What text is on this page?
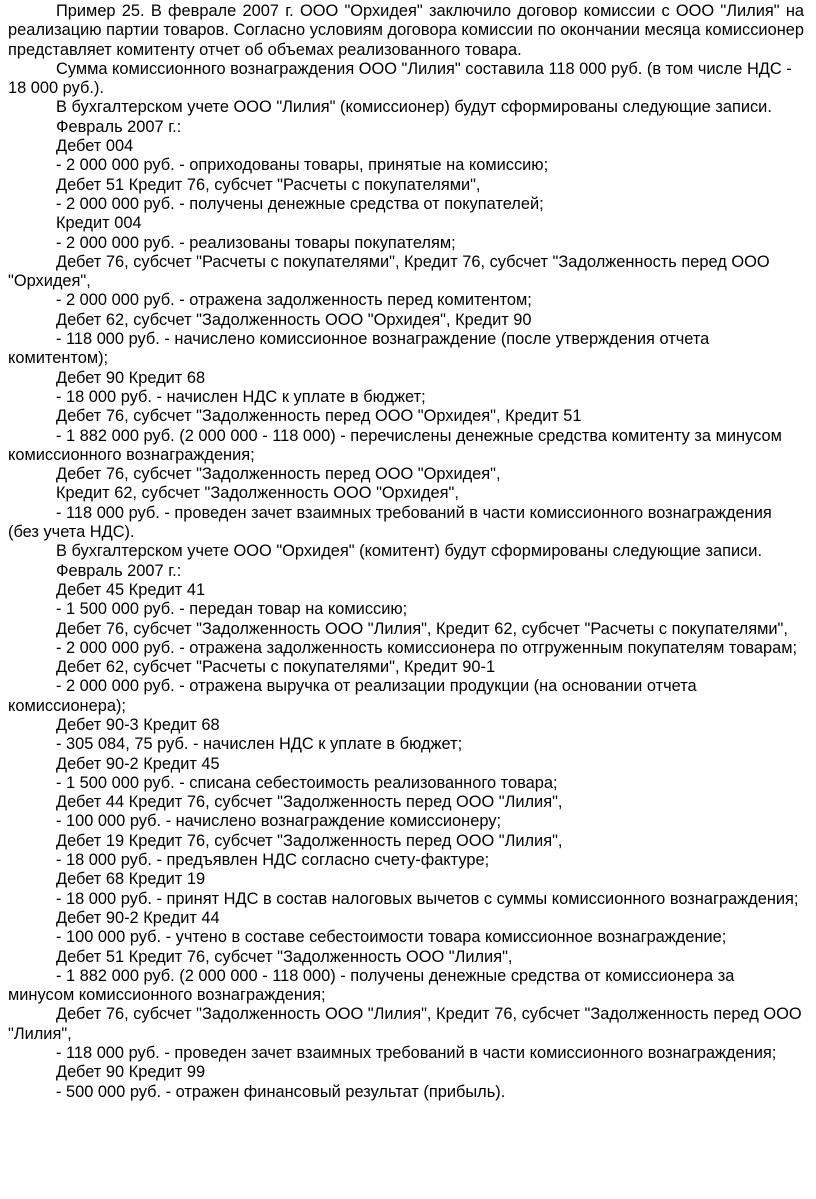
Пример 25. В феврале 2007 г. ООО "Орхидея" заключило договор комиссии с ООО "Лилия" на реализацию партии товаров. Согласно условиям договора комиссии по окончании месяца комиссионер представляет комитенту отчет об объемах реализованного товара.

Сумма комиссионного вознаграждения ООО "Лилия" составила 118 000 руб. (в том числе НДС - 18 000 руб.).

В бухгалтерском учете ООО "Лилия" (комиссионер) будут сформированы следующие записи.

Февраль 2007 г.:

Дебет 004

- 2 000 000 руб. - оприходованы товары, принятые на комиссию;

Дебет 51 Кредит 76, субсчет "Расчеты с покупателями",

- 2 000 000 руб. - получены денежные средства от покупателей;

Кредит 004

- 2 000 000 руб. - реализованы товары покупателям;

Дебет 76, субсчет "Расчеты с покупателями", Кредит 76, субсчет "Задолженность перед ООО "Орхидея",

- 2 000 000 руб. - отражена задолженность перед комитентом;

Дебет 62, субсчет "Задолженность ООО "Орхидея", Кредит 90

- 118 000 руб. - начислено комиссионное вознаграждение (после утверждения отчета комитентом);

Дебет 90 Кредит 68

- 18 000 руб. - начислен НДС к уплате в бюджет;

Дебет 76, субсчет "Задолженность перед ООО "Орхидея", Кредит 51

- 1 882 000 руб. (2 000 000 - 118 000) - перечислены денежные средства комитенту за минусом комиссионного вознаграждения;

Дебет 76, субсчет "Задолженность перед ООО "Орхидея",

Кредит 62, субсчет "Задолженность ООО "Орхидея",

- 118 000 руб. - проведен зачет взаимных требований в части комиссионного вознаграждения (без учета НДС).

В бухгалтерском учете ООО "Орхидея" (комитент) будут сформированы следующие записи.

Февраль 2007 г.:

Дебет 45 Кредит 41

- 1 500 000 руб. - передан товар на комиссию;

Дебет 76, субсчет "Задолженность ООО "Лилия", Кредит 62, субсчет "Расчеты с покупателями",

- 2 000 000 руб. - отражена задолженность комиссионера по отгруженным покупателям товарам;

Дебет 62, субсчет "Расчеты с покупателями", Кредит 90-1

- 2 000 000 руб. - отражена выручка от реализации продукции (на основании отчета комиссионера);

Дебет 90-3 Кредит 68

- 305 084, 75 руб. - начислен НДС к уплате в бюджет;

Дебет 90-2 Кредит 45

- 1 500 000 руб. - списана себестоимость реализованного товара;

Дебет 44 Кредит 76, субсчет "Задолженность перед ООО "Лилия",

- 100 000 руб. - начислено вознаграждение комиссионеру;

Дебет 19 Кредит 76, субсчет "Задолженность перед ООО "Лилия",

- 18 000 руб. - предъявлен НДС согласно счету-фактуре;

Дебет 68 Кредит 19

- 18 000 руб. - принят НДС в состав налоговых вычетов с суммы комиссионного вознаграждения;

Дебет 90-2 Кредит 44

- 100 000 руб. - учтено в составе себестоимости товара комиссионное вознаграждение;

Дебет 51 Кредит 76, субсчет "Задолженность ООО "Лилия",

- 1 882 000 руб. (2 000 000 - 118 000) - получены денежные средства от комиссионера за минусом комиссионного вознаграждения;

Дебет 76, субсчет "Задолженность ООО "Лилия", Кредит 76, субсчет "Задолженность перед ООО "Лилия",

- 118 000 руб. - проведен зачет взаимных требований в части комиссионного вознаграждения;

Дебет 90 Кредит 99

- 500 000 руб. - отражен финансовый результат (прибыль).
